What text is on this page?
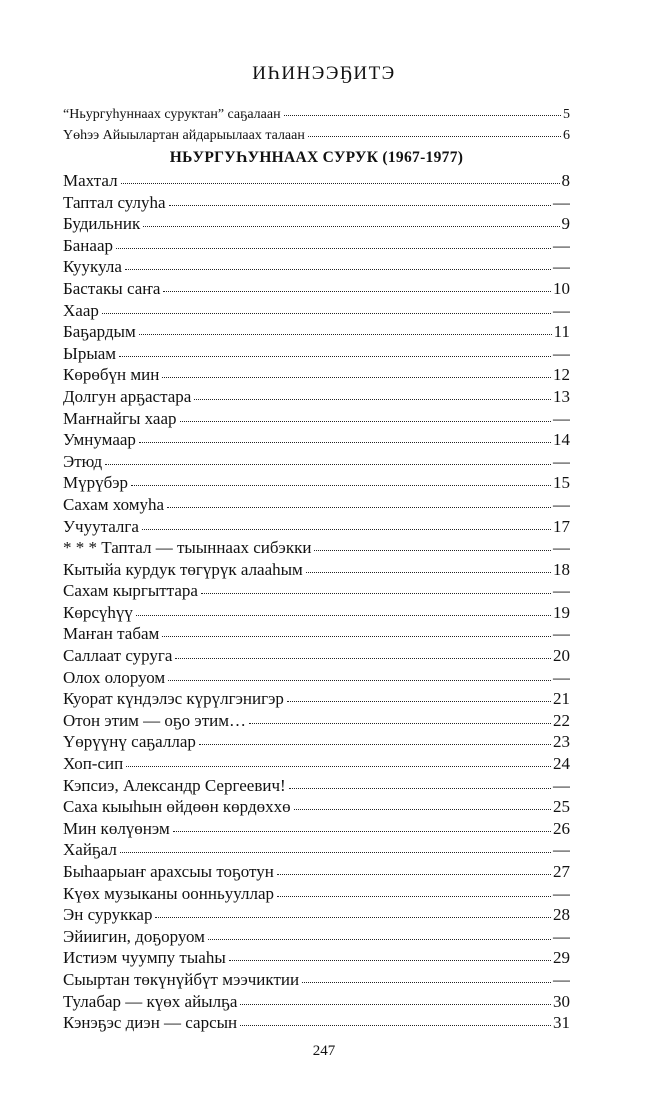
ИҺИНЭЭҔИТЭ
“Ньургуһуннаах суруктан” саҕалаан	5
Үөһээ Айыылартан айдарыылаах талаан	6
НЬУРГУҺУННААХ СУРУК (1967-1977)
Махтал	8
Таптал сулуһа	—
Будильник	9
Банаар	—
Куукула	—
Бастакы саҥа	10
Хаар	—
Баҕардым	11
Ырыам	—
Көрөбүн мин	12
Долгун арҕастара	13
Маҥнайгы хаар	—
Умнумаар	14
Этюд	—
Мүрүбэр	15
Сахам хомуһа	—
Учууталга	17
* * * Таптал — тыыннаах сибэкки	—
Кытыйа курдук төгүрүк алааһым	18
Сахам кыргыттара	—
Көрсүһүү	19
Маҥан табам	—
Саллаат суруга	20
Олох олоруом	—
Куорат күндэлэс күрүлгэнигэр	21
Отон этим — оҕо этим…	22
Үөрүүнү саҕаллар	23
Хоп-сип	24
Кэпсиэ, Александр Сергеевич!	—
Саха кыыһын өйдөөн көрдөххө	25
Мин көлүөнэм	26
Хайҕал	—
Быһаарыаҥ арахсыы тоҕотун	27
Күөх музыканы оонньууллар	—
Эн суруккар	28
Эйиигин, доҕоруом	—
Истиэм чуумпу тыаһы	29
Сыыртан төкүнүйбүт мээчиктии	—
Тулабар — күөх айылҕа	30
Кэнэҕэс диэн — сарсын	31
247
